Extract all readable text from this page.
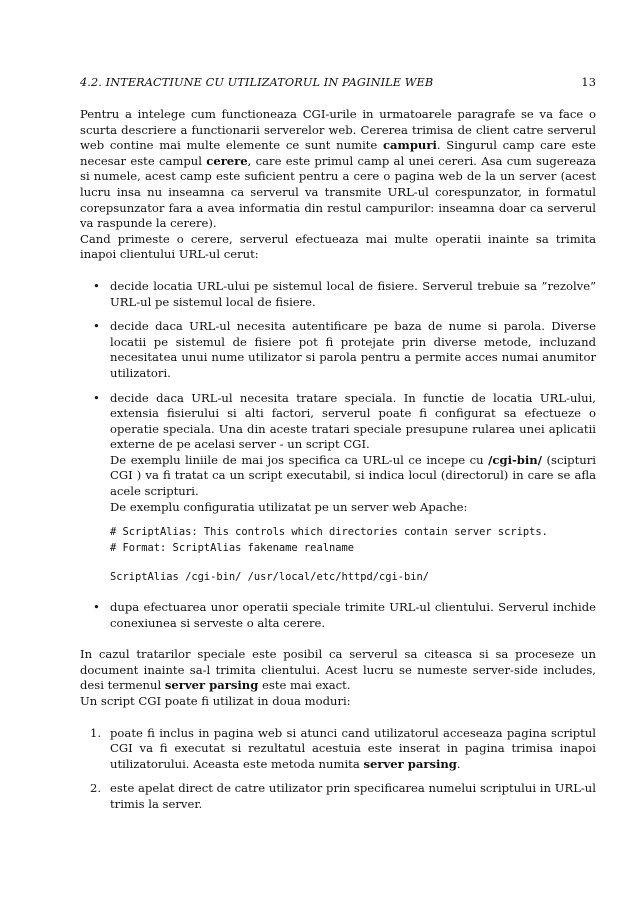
4.2. INTERACTIUNE CU UTILIZATORUL IN PAGINILE WEB	13

Pentru a intelege cum functioneaza CGI-urile in urmatoarele paragrafe se va face o scurta descriere a functionarii serverelor web. Cererea trimisa de client catre serverul web contine mai multe elemente ce sunt numite campuri. Singurul camp care este necesar este campul cerere, care este primul camp al unei cereri. Asa cum sugereaza si numele, acest camp este suficient pentru a cere o pagina web de la un server (acest lucru insa nu inseamna ca serverul va transmite URL-ul corespunzator, in formatul corepsunzator fara a avea informatia din restul campurilor: inseamna doar ca serverul va raspunde la cerere).

Cand primeste o cerere, serverul efectueaza mai multe operatii inainte sa trimita inapoi clientului URL-ul cerut:

• decide locatia URL-ului pe sistemul local de fisiere. Serverul trebuie sa ”rezolve” URL-ul pe sistemul local de fisiere.
• decide daca URL-ul necesita autentificare pe baza de nume si parola. Diverse locatii pe sistemul de fisiere pot fi protejate prin diverse metode, incluzand necesitatea unui nume utilizator si parola pentru a permite acces numai anumitor utilizatori.
• decide daca URL-ul necesita tratare speciala. In functie de locatia URL-ului, extensia fisierului si alti factori, serverul poate fi configurat sa efectueze o operatie speciala. Una din aceste tratari speciale presupune rularea unei aplicatii externe de pe acelasi server - un script CGI.
De exemplu liniile de mai jos specifica ca URL-ul ce incepe cu /cgi-bin/ (scipturi CGI ) va fi tratat ca un script executabil, si indica locul (directorul) in care se afla acele scripturi.
De exemplu configuratia utilizatat pe un server web Apache:
# ScriptAlias: This controls which directories contain server scripts.
# Format: ScriptAlias fakename realname
ScriptAlias /cgi-bin/ /usr/local/etc/httpd/cgi-bin/
• dupa efectuarea unor operatii speciale trimite URL-ul clientului. Serverul inchide conexiunea si serveste o alta cerere.

In cazul tratarilor speciale este posibil ca serverul sa citeasca si sa proceseze un document inainte sa-l trimita clientului. Acest lucru se numeste server-side includes, desi termenul server parsing este mai exact.

Un script CGI poate fi utilizat in doua moduri:

1. poate fi inclus in pagina web si atunci cand utilizatorul acceseaza pagina scriptul CGI va fi executat si rezultatul acestuia este inserat in pagina trimisa inapoi utilizatorului. Aceasta este metoda numita server parsing.
2. este apelat direct de catre utilizator prin specificarea numelui scriptului in URL-ul trimis la server.
